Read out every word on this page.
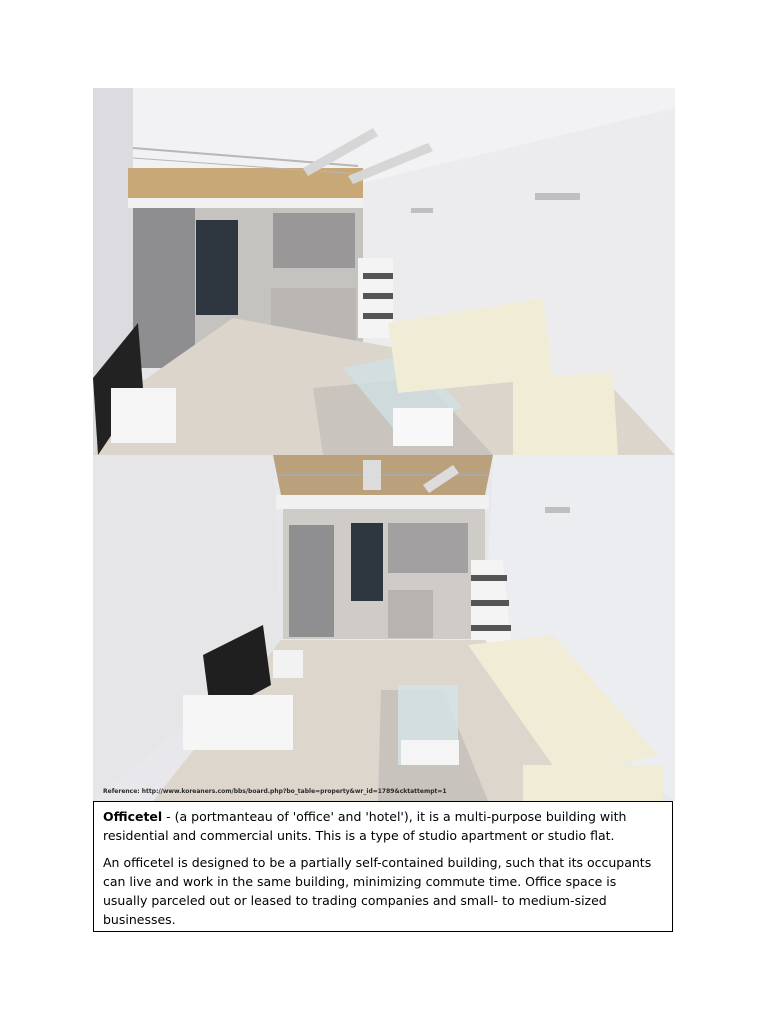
Reference: http://www.koreaners.com/bbs/board.php?bo_table=property&wr_id=1789&cktattempt=1

Officetel - (a portmanteau of 'office' and 'hotel'), it is a multi-purpose building with residential and commercial units. This is a type of studio apartment or studio flat.

An officetel is designed to be a partially self-contained building, such that its occupants can live and work in the same building, minimizing commute time. Office space is usually parceled out or leased to trading companies and small- to medium-sized businesses.
